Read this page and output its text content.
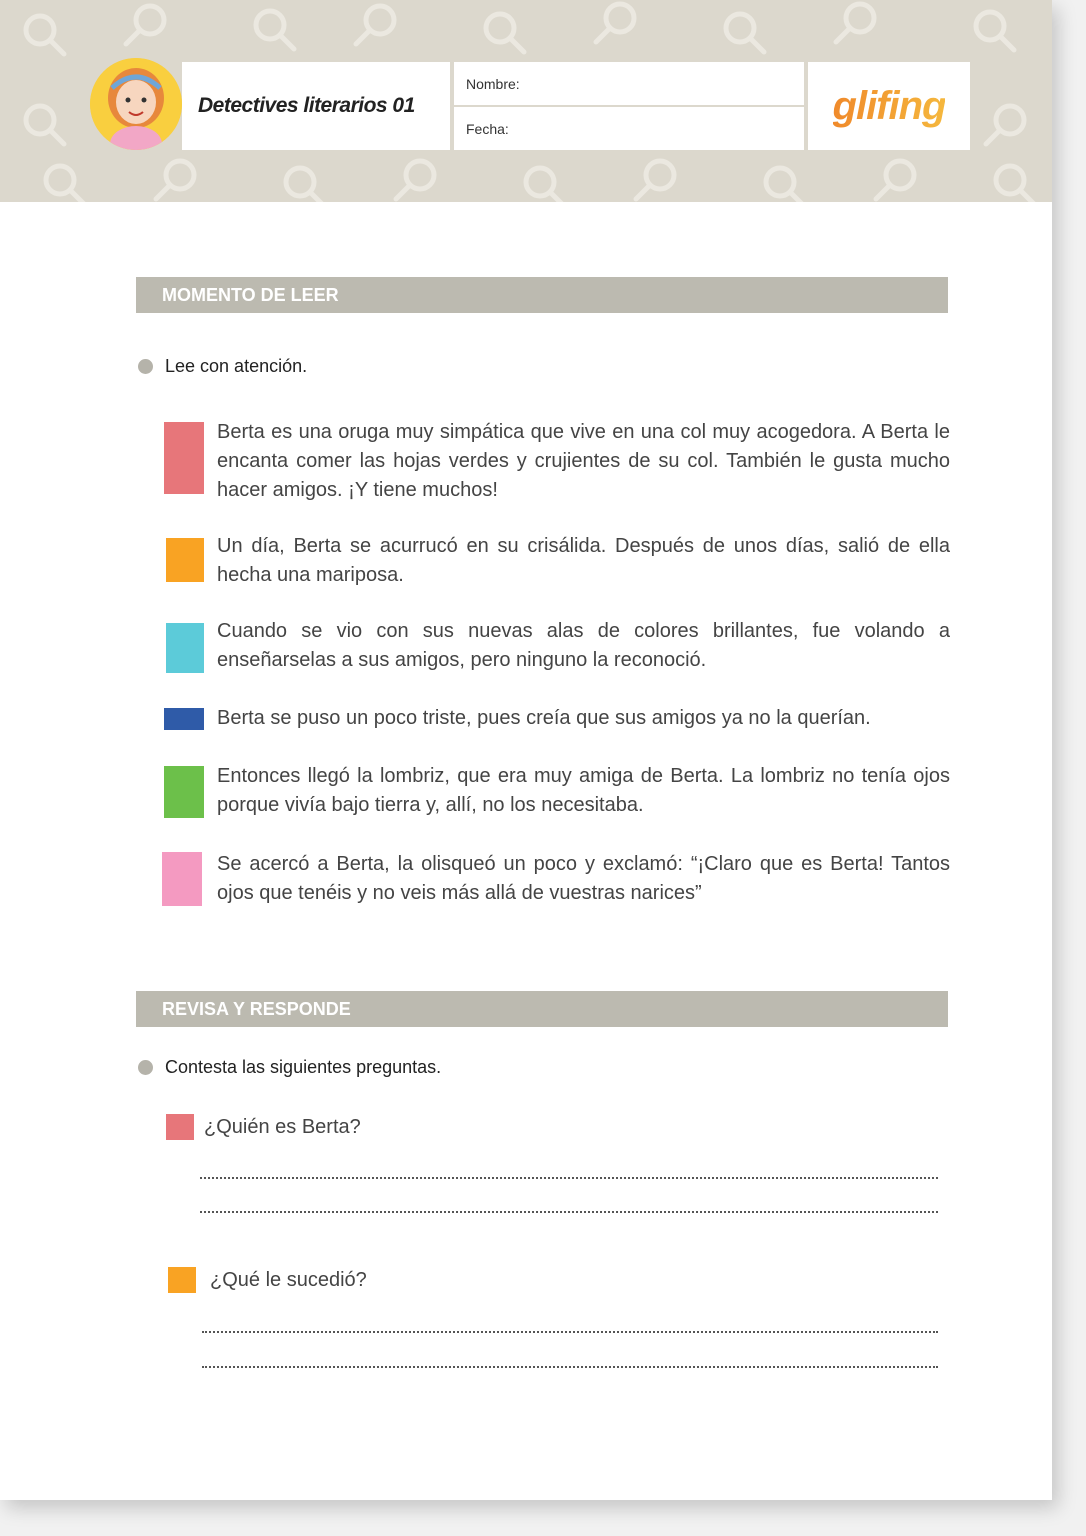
Detectives literarios 01
Nombre:
Fecha:
glifing
MOMENTO DE LEER
Lee con atención.
Berta es una oruga muy simpática que vive en una col muy acogedora. A Berta le encanta comer las hojas verdes y crujientes de su col. También le gusta mucho hacer amigos. ¡Y tiene muchos!
Un día, Berta se acurrucó en su crisálida. Después de unos días, salió de ella hecha una mariposa.
Cuando se vio con sus nuevas alas de colores brillantes, fue volando a enseñarselas a sus amigos, pero ninguno la reconoció.
Berta se puso un poco triste, pues creía que sus amigos ya no la querían.
Entonces llegó la lombriz, que era muy amiga de Berta. La lombriz no tenía ojos porque vivía bajo tierra y, allí, no los necesitaba.
Se acercó a Berta, la olisqueó un poco y exclamó: “¡Claro que es Berta! Tantos ojos que tenéis y no veis más allá de vuestras narices”
REVISA Y RESPONDE
Contesta las siguientes preguntas.
¿Quién es Berta?
¿Qué le sucedió?
